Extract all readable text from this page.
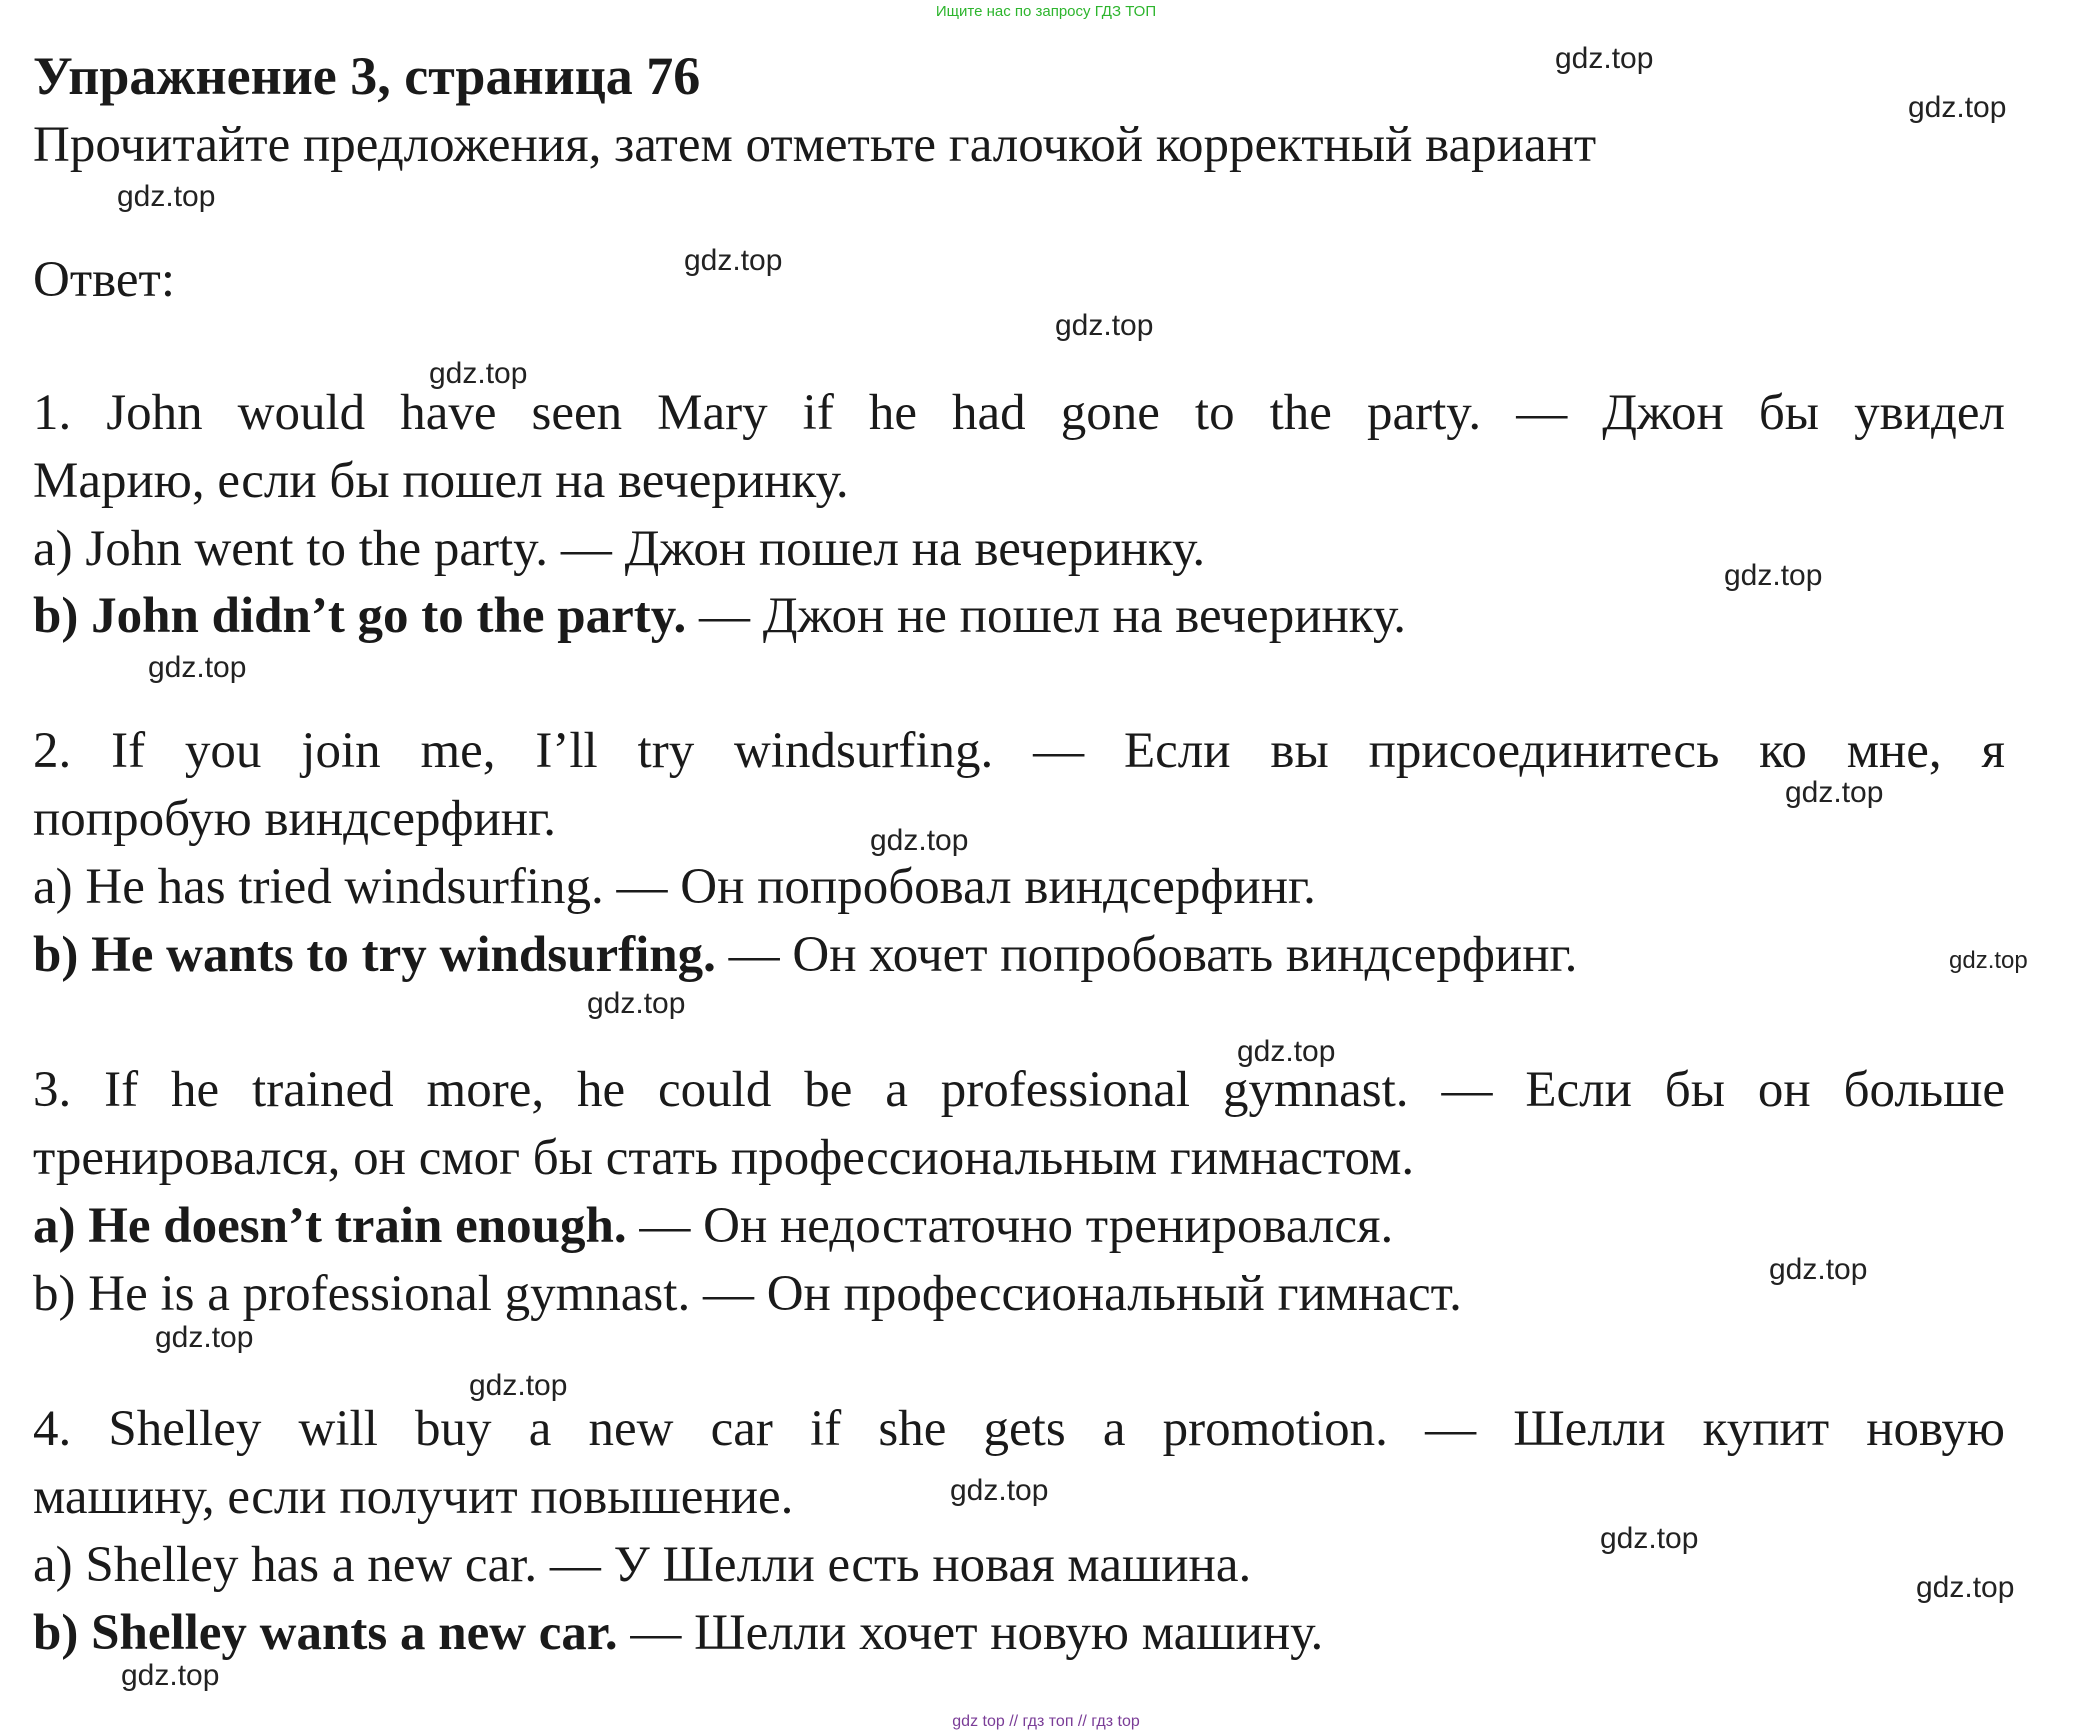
Ищите нас по запросу ГДЗ ТОП
Упражнение 3, страница 76
Прочитайте предложения, затем отметьте галочкой корректный вариант
Ответ:
1. John would have seen Mary if he had gone to the party. — Джон бы увидел
Марию, если бы пошел на вечеринку.
a) John went to the party. — Джон пошел на вечеринку.
b) John didn’t go to the party. — Джон не пошел на вечеринку.
2. If you join me, I’ll try windsurfing. — Если вы присоединитесь ко мне, я
попробую виндсерфинг.
a) He has tried windsurfing. — Он попробовал виндсерфинг.
b) He wants to try windsurfing. — Он хочет попробовать виндсерфинг.
3. If he trained more, he could be a professional gymnast. — Если бы он больше
тренировался, он смог бы стать профессиональным гимнастом.
a) He doesn’t train enough. — Он недостаточно тренировался.
b) He is a professional gymnast. — Он профессиональный гимнаст.
4. Shelley will buy a new car if she gets a promotion. — Шелли купит новую
машину, если получит повышение.
a) Shelley has a new car. — У Шелли есть новая машина.
b) Shelley wants a new car. — Шелли хочет новую машину.
gdz.top
gdz.top
gdz.top
gdz.top
gdz.top
gdz.top
gdz.top
gdz.top
gdz.top
gdz.top
gdz.top
gdz.top
gdz.top
gdz.top
gdz.top
gdz.top
gdz.top
gdz.top
gdz.top
gdz.top
gdz top // гдз топ // гдз top
